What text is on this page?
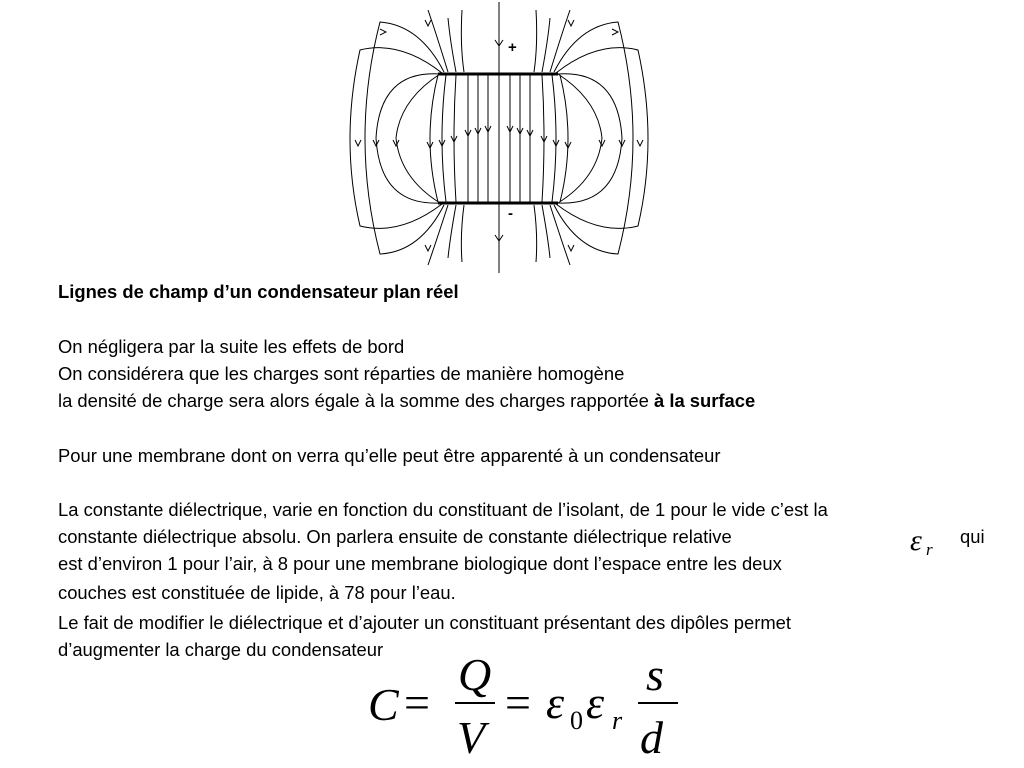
+
-
Lignes de champ d’un condensateur plan réel
On négligera par la suite les effets de bord
On considérera que les charges sont réparties de manière homogène
la densité de charge sera alors égale à la somme des charges rapportée à la surface
Pour une membrane dont on verra qu’elle peut être apparenté à un condensateur
La constante diélectrique, varie en fonction du constituant de l’isolant, de 1 pour le vide c’est la
constante diélectrique absolu. On parlera ensuite de constante diélectrique relative	qui
est d’environ 1 pour l’air, à 8 pour une membrane biologique dont l’espace entre les deux
couches est constituée de lipide, à 78 pour l’eau.
Le fait de modifier le diélectrique et d’ajouter un constituant présentant des dipôles permet
d’augmenter la charge du condensateur
ε r
C =
Q
V
= ε 0 ε r
s
d
